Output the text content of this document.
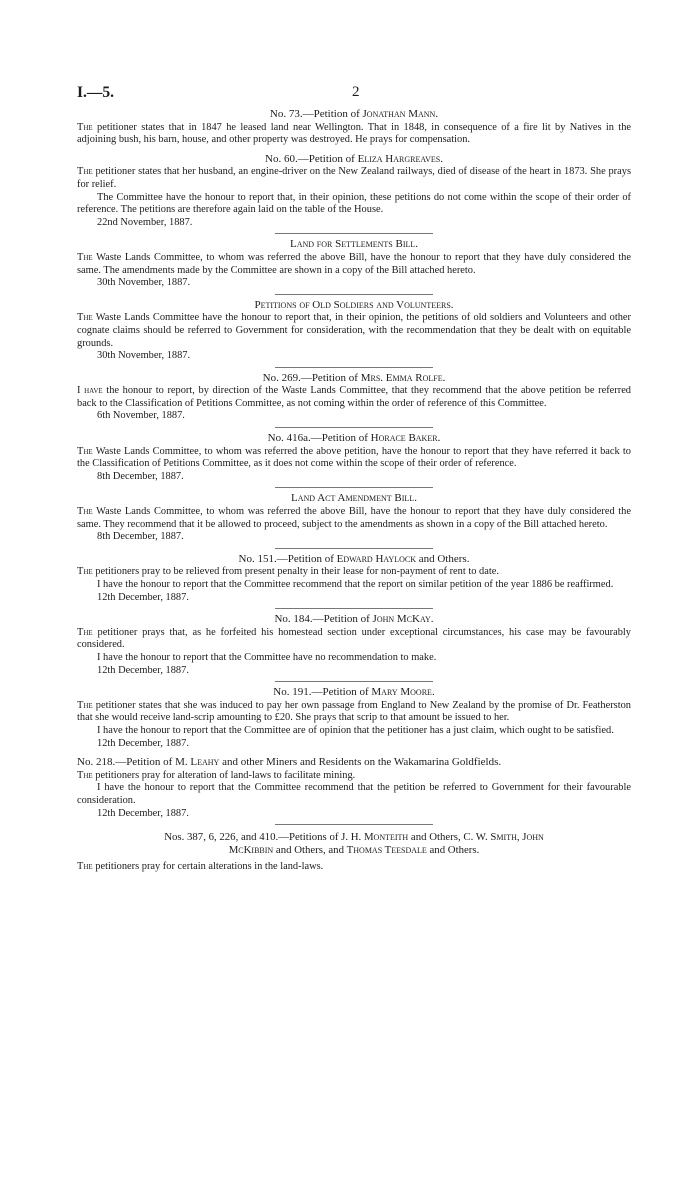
I.—5.	2

No. 73.—Petition of Jonathan Mann.

The petitioner states that in 1847 he leased land near Wellington. That in 1848, in consequence of a fire lit by Natives in the adjoining bush, his barn, house, and other property was destroyed. He prays for compensation.

No. 60.—Petition of Eliza Hargreaves.

The petitioner states that her husband, an engine-driver on the New Zealand railways, died of disease of the heart in 1873. She prays for relief.

The Committee have the honour to report that, in their opinion, these petitions do not come within the scope of their order of reference. The petitions are therefore again laid on the table of the House.

22nd November, 1887.

Land for Settlements Bill.

The Waste Lands Committee, to whom was referred the above Bill, have the honour to report that they have duly considered the same. The amendments made by the Committee are shown in a copy of the Bill attached hereto.

30th November, 1887.

Petitions of Old Soldiers and Volunteers.

The Waste Lands Committee have the honour to report that, in their opinion, the petitions of old soldiers and Volunteers and other cognate claims should be referred to Government for consideration, with the recommendation that they be dealt with on equitable grounds.

30th November, 1887.

No. 269.—Petition of Mrs. Emma Rolfe.

I have the honour to report, by direction of the Waste Lands Committee, that they recommend that the above petition be referred back to the Classification of Petitions Committee, as not coming within the order of reference of this Committee.

6th November, 1887.

No. 416a.—Petition of Horace Baker.

The Waste Lands Committee, to whom was referred the above petition, have the honour to report that they have referred it back to the Classification of Petitions Committee, as it does not come within the scope of their order of reference.

8th December, 1887.

Land Act Amendment Bill.

The Waste Lands Committee, to whom was referred the above Bill, have the honour to report that they have duly considered the same. They recommend that it be allowed to proceed, subject to the amendments as shown in a copy of the Bill attached hereto.

8th December, 1887.

No. 151.—Petition of Edward Haylock and Others.

The petitioners pray to be relieved from present penalty in their lease for non-payment of rent to date.

I have the honour to report that the Committee recommend that the report on similar petition of the year 1886 be reaffirmed.

12th December, 1887.

No. 184.—Petition of John McKay.

The petitioner prays that, as he forfeited his homestead section under exceptional circumstances, his case may be favourably considered.

I have the honour to report that the Committee have no recommendation to make.

12th December, 1887.

No. 191.—Petition of Mary Moore.

The petitioner states that she was induced to pay her own passage from England to New Zealand by the promise of Dr. Featherston that she would receive land-scrip amounting to £20. She prays that scrip to that amount be issued to her.

I have the honour to report that the Committee are of opinion that the petitioner has a just claim, which ought to be satisfied.

12th December, 1887.

No. 218.—Petition of M. Leahy and other Miners and Residents on the Wakamarina Goldfields.

The petitioners pray for alteration of land-laws to facilitate mining.

I have the honour to report that the Committee recommend that the petition be referred to Government for their favourable consideration.

12th December, 1887.

Nos. 387, 6, 226, and 410.—Petitions of J. H. Monteith and Others, C. W. Smith, John
McKibbin and Others, and Thomas Teesdale and Others.

The petitioners pray for certain alterations in the land-laws.
